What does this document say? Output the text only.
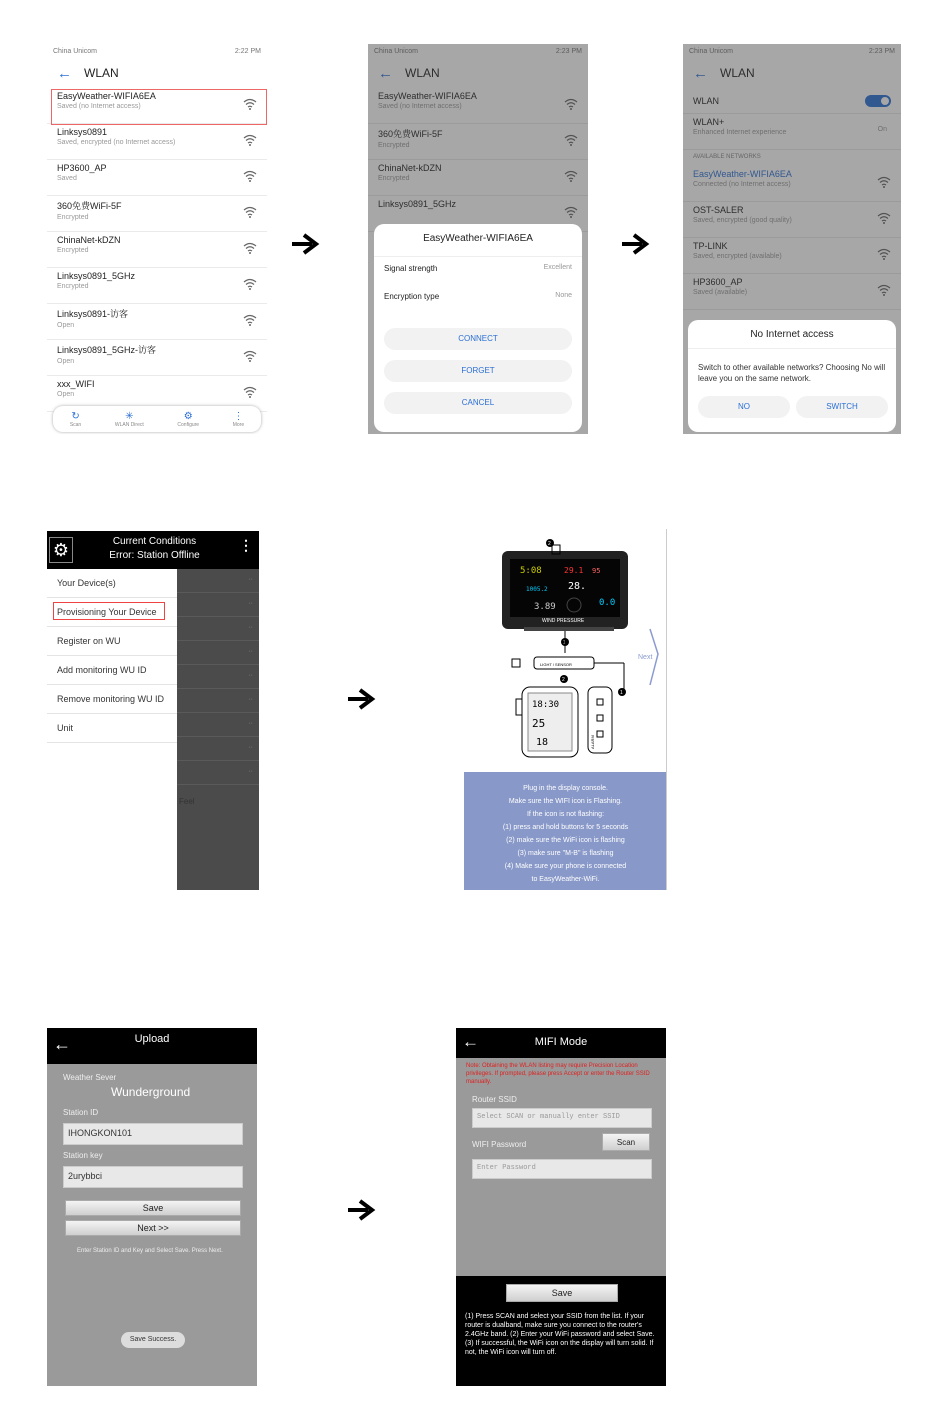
China Unicom	2:22 PM
← WLAN
EasyWeather-WIFIA6EA
Saved (no Internet access)
Linksys0891
Saved, encrypted (no Internet access)
HP3600_AP
Saved
360免费WiFi-5F
Encrypted
ChinaNet-kDZN
Encrypted
Linksys0891_5GHz
Encrypted
Linksys0891-访客
Open
Linksys0891_5GHz-访客
Open
xxx_WIFI
Open
↻
Scan
✳
WLAN Direct
⚙
Configure
⋮
More
China Unicom	2:23 PM
← WLAN
EasyWeather-WIFIA6EA
Saved (no Internet access)
360免费WiFi-5F
Encrypted
ChinaNet-kDZN
Encrypted
Linksys0891_5GHz
EasyWeather-WIFIA6EA
Signal strength	Excellent
Encryption type	None
CONNECT
FORGET
CANCEL
China Unicom	2:23 PM
← WLAN
WLAN
WLAN+
Enhanced Internet experience	On
AVAILABLE NETWORKS
EasyWeather-WIFIA6EA
Connected (no Internet access)
OST-SALER
Saved, encrypted (good quality)
TP-LINK
Saved, encrypted (available)
HP3600_AP
Saved (available)
No Internet access
Switch to other available networks? Choosing No will leave you on the same network.
NO	SWITCH
⚙	Current Conditions
Error: Station Offline
⋮
··
··
··
··
··
··
··
··
··
Feel
Your Device(s)
Provisioning Your Device
Register on WU
Add monitoring WU ID
Remove monitoring WU ID
Unit
5:08	29.1 95
28.
1005.2
3.89	0.0
2
WIND PRESSURE
1
LIGHT / SENSOR
1
2
18:30
25
18	ALARM
Next
Plug in the display console.
Make sure the WIFI icon is Flashing.
If the icon is not flashing:
(1) press and hold buttons for 5 seconds
(2) make sure the WiFi icon is flashing
(3) make sure "M-B" is flashing
(4) Make sure your phone is connected
to EasyWeather-WiFi.
←	Upload
Weather Sever
Wunderground
Station ID
IHONGKON101
Station key
2urybbci
Save
Next >>
Enter Station ID and Key and Select Save. Press Next.
Save Success.
←	MIFI Mode
Note: Obtaining the WLAN listing may require Precision Location privileges. If prompted, please press Accept or enter the Router SSID manually.
Router SSID
Select SCAN or manually enter SSID
WIFI Password	Scan
Enter Password
Save
(1) Press SCAN and select your SSID from the list. If your router is dualband, make sure you connect to the router's 2.4GHz band. (2) Enter your WiFi password and select Save. (3) If successful, the WiFi icon on the display will turn solid. If not, the WiFi icon will turn off.
